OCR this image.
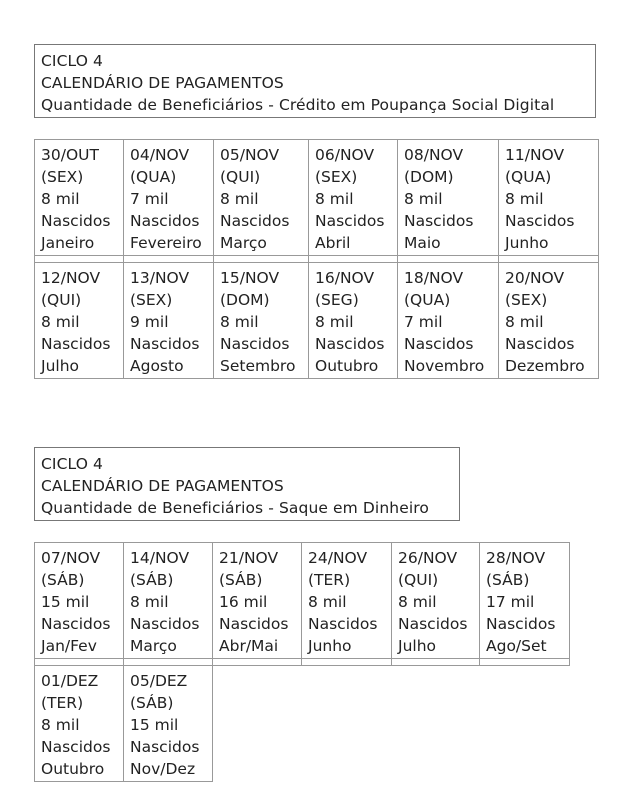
CICLO 4
CALENDÁRIO DE PAGAMENTOS
Quantidade de Beneficiários - Crédito em Poupança Social Digital
30/OUT
(SEX)
8 mil
Nascidos
Janeiro	04/NOV
(QUA)
7 mil
Nascidos
Fevereiro	05/NOV
(QUI)
8 mil
Nascidos
Março	06/NOV
(SEX)
8 mil
Nascidos
Abril	08/NOV
(DOM)
8 mil
Nascidos
Maio	11/NOV
(QUA)
8 mil
Nascidos
Junho

12/NOV
(QUI)
8 mil
Nascidos
Julho	13/NOV
(SEX)
9 mil
Nascidos
Agosto	15/NOV
(DOM)
8 mil
Nascidos
Setembro	16/NOV
(SEG)
8 mil
Nascidos
Outubro	18/NOV
(QUA)
7 mil
Nascidos
Novembro	20/NOV
(SEX)
8 mil
Nascidos
Dezembro
CICLO 4
CALENDÁRIO DE PAGAMENTOS
Quantidade de Beneficiários - Saque em Dinheiro
07/NOV
(SÁB)
15 mil
Nascidos
Jan/Fev	14/NOV
(SÁB)
8 mil
Nascidos
Março	21/NOV
(SÁB)
16 mil
Nascidos
Abr/Mai	24/NOV
(TER)
8 mil
Nascidos
Junho	26/NOV
(QUI)
8 mil
Nascidos
Julho	28/NOV
(SÁB)
17 mil
Nascidos
Ago/Set

01/DEZ
(TER)
8 mil
Nascidos
Outubro	05/DEZ
(SÁB)
15 mil
Nascidos
Nov/Dez				
